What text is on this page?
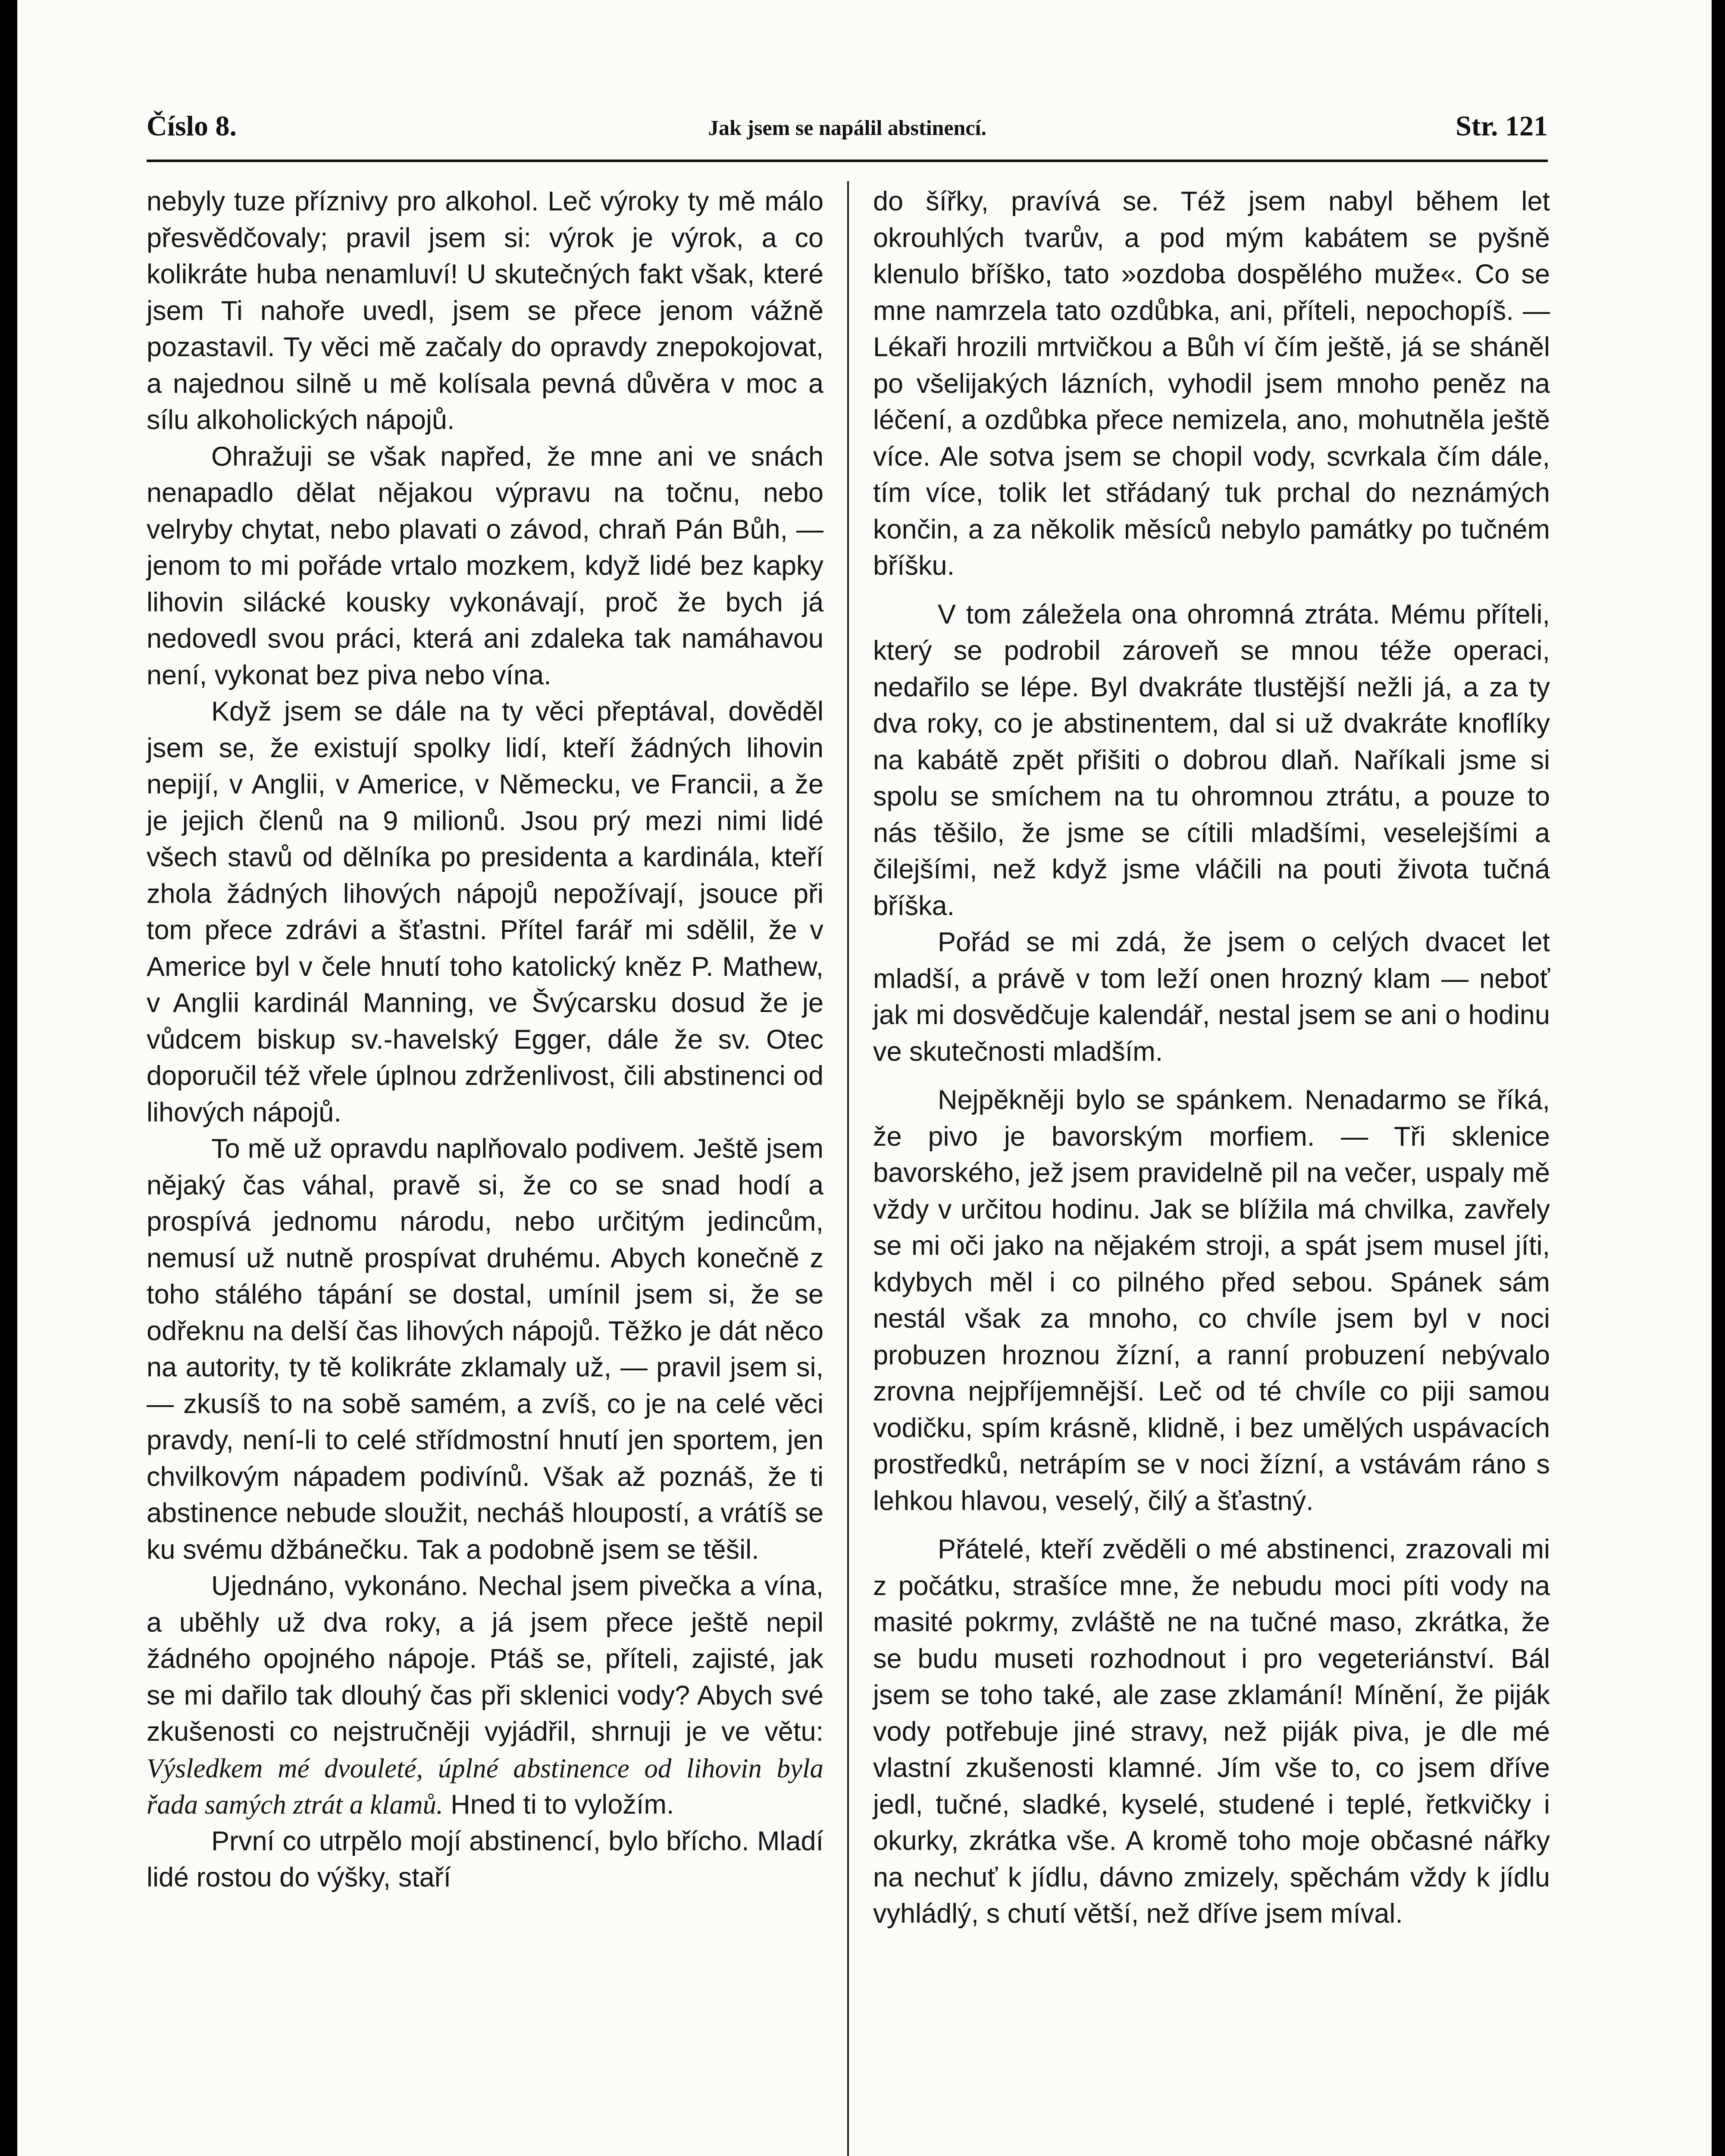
Číslo 8.	Jak jsem se napálil abstinencí.	Str. 121

nebyly tuze příznivy pro alkohol. Leč výroky ty mě málo přesvědčovaly; pravil jsem si: výrok je výrok, a co kolikráte huba nenamluví! U skutečných fakt však, které jsem Ti nahoře uvedl, jsem se přece jenom vážně pozastavil. Ty věci mě začaly do opravdy znepokojovat, a najednou silně u mě kolísala pevná důvěra v moc a sílu alkoholických nápojů.

Ohražuji se však napřed, že mne ani ve snách nenapadlo dělat nějakou výpravu na točnu, nebo velryby chytat, nebo plavati o závod, chraň Pán Bůh, — jenom to mi pořáde vrtalo mozkem, když lidé bez kapky lihovin silácké kousky vykonávají, proč že bych já nedovedl svou práci, která ani zdaleka tak namáhavou není, vykonat bez piva nebo vína.

Když jsem se dále na ty věci přeptával, dověděl jsem se, že existují spolky lidí, kteří žádných lihovin nepijí, v Anglii, v Americe, v Německu, ve Francii, a že je jejich členů na 9 milionů. Jsou prý mezi nimi lidé všech stavů od dělníka po presidenta a kardinála, kteří zhola žádných lihových nápojů nepožívají, jsouce při tom přece zdrávi a šťastni. Přítel farář mi sdělil, že v Americe byl v čele hnutí toho katolický kněz P. Mathew, v Anglii kardinál Manning, ve Švýcarsku dosud že je vůdcem biskup sv.-havelský Egger, dále že sv. Otec doporučil též vřele úplnou zdrženlivost, čili abstinenci od lihových nápojů.

To mě už opravdu naplňovalo podivem. Ještě jsem nějaký čas váhal, pravě si, že co se snad hodí a prospívá jednomu národu, nebo určitým jedincům, nemusí už nutně prospívat druhému. Abych konečně z toho stálého tápání se dostal, umínil jsem si, že se odřeknu na delší čas lihových nápojů. Těžko je dát něco na autority, ty tě kolikráte zklamaly už, — pravil jsem si, — zkusíš to na sobě samém, a zvíš, co je na celé věci pravdy, není-li to celé střídmostní hnutí jen sportem, jen chvilkovým nápadem podivínů. Však až poznáš, že ti abstinence nebude sloužit, necháš hloupostí, a vrátíš se ku svému džbánečku. Tak a podobně jsem se těšil.

Ujednáno, vykonáno. Nechal jsem pivečka a vína, a uběhly už dva roky, a já jsem přece ještě nepil žádného opojného nápoje. Ptáš se, příteli, zajisté, jak se mi dařilo tak dlouhý čas při sklenici vody? Abych své zkušenosti co nejstručněji vyjádřil, shrnuji je ve větu: Výsledkem mé dvouleté, úplné abstinence od lihovin byla řada samých ztrát a klamů. Hned ti to vyložím.

První co utrpělo mojí abstinencí, bylo břícho. Mladí lidé rostou do výšky, staří

do šířky, pravívá se. Též jsem nabyl během let okrouhlých tvarův, a pod mým kabátem se pyšně klenulo bříško, tato »ozdoba dospělého muže«. Co se mne namrzela tato ozdůbka, ani, příteli, nepochopíš. — Lékaři hrozili mrtvičkou a Bůh ví čím ještě, já se sháněl po všelijakých lázních, vyhodil jsem mnoho peněz na léčení, a ozdůbka přece nemizela, ano, mohutněla ještě více. Ale sotva jsem se chopil vody, scvrkala čím dále, tím více, tolik let střádaný tuk prchal do neznámých končin, a za několik měsíců nebylo památky po tučném bříšku.

V tom záležela ona ohromná ztráta. Mému příteli, který se podrobil zároveň se mnou téže operaci, nedařilo se lépe. Byl dvakráte tlustější nežli já, a za ty dva roky, co je abstinentem, dal si už dvakráte knoflíky na kabátě zpět přišiti o dobrou dlaň. Naříkali jsme si spolu se smíchem na tu ohromnou ztrátu, a pouze to nás těšilo, že jsme se cítili mladšími, veselejšími a čilejšími, než když jsme vláčili na pouti života tučná bříška.

Pořád se mi zdá, že jsem o celých dvacet let mladší, a právě v tom leží onen hrozný klam — neboť jak mi dosvědčuje kalendář, nestal jsem se ani o hodinu ve skutečnosti mladším.

Nejpěkněji bylo se spánkem. Nenadarmo se říká, že pivo je bavorským morfiem. — Tři sklenice bavorského, jež jsem pravidelně pil na večer, uspaly mě vždy v určitou hodinu. Jak se blížila má chvilka, zavřely se mi oči jako na nějakém stroji, a spát jsem musel jíti, kdybych měl i co pilného před sebou. Spánek sám nestál však za mnoho, co chvíle jsem byl v noci probuzen hroznou žízní, a ranní probuzení nebývalo zrovna nejpříjemnější. Leč od té chvíle co piji samou vodičku, spím krásně, klidně, i bez umělých uspávacích prostředků, netrápím se v noci žízní, a vstávám ráno s lehkou hlavou, veselý, čilý a šťastný.

Přátelé, kteří zvěděli o mé abstinenci, zrazovali mi z počátku, strašíce mne, že nebudu moci píti vody na masité pokrmy, zvláště ne na tučné maso, zkrátka, že se budu museti rozhodnout i pro vegeteriánství. Bál jsem se toho také, ale zase zklamání! Mínění, že piják vody potřebuje jiné stravy, než piják piva, je dle mé vlastní zkušenosti klamné. Jím vše to, co jsem dříve jedl, tučné, sladké, kyselé, studené i teplé, řetkvičky i okurky, zkrátka vše. A kromě toho moje občasné nářky na nechuť k jídlu, dávno zmizely, spěchám vždy k jídlu vyhládlý, s chutí větší, než dříve jsem míval.
